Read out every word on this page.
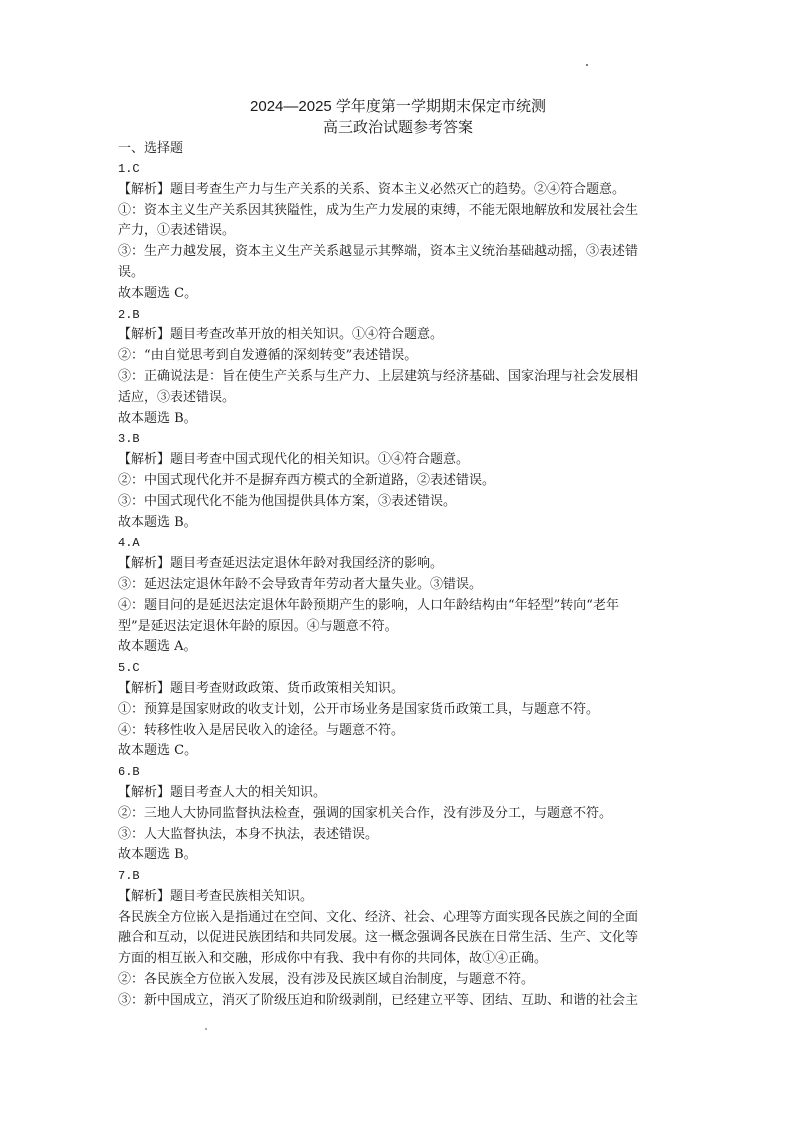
2024—2025 学年度第一学期期末保定市统测
高三政治试题参考答案

一、选择题

1.C

【解析】题目考查生产力与生产关系的关系、资本主义必然灭亡的趋势。②④符合题意。

①：资本主义生产关系因其狭隘性，成为生产力发展的束缚，不能无限地解放和发展社会生

产力，①表述错误。

③：生产力越发展，资本主义生产关系越显示其弊端，资本主义统治基础越动摇，③表述错

误。

故本题选 C。

2.B

【解析】题目考查改革开放的相关知识。①④符合题意。

②：“由自觉思考到自发遵循的深刻转变”表述错误。

③：正确说法是：旨在使生产关系与生产力、上层建筑与经济基础、国家治理与社会发展相

适应，③表述错误。

故本题选 B。

3.B

【解析】题目考查中国式现代化的相关知识。①④符合题意。

②：中国式现代化并不是摒弃西方模式的全新道路，②表述错误。

③：中国式现代化不能为他国提供具体方案，③表述错误。

故本题选 B。

4.A

【解析】题目考查延迟法定退休年龄对我国经济的影响。

③：延迟法定退休年龄不会导致青年劳动者大量失业。③错误。

④：题目问的是延迟法定退休年龄预期产生的影响，人口年龄结构由“年轻型”转向“老年

型”是延迟法定退休年龄的原因。④与题意不符。

故本题选 A。

5.C

【解析】题目考查财政政策、货币政策相关知识。

①：预算是国家财政的收支计划，公开市场业务是国家货币政策工具，与题意不符。

④：转移性收入是居民收入的途径。与题意不符。

故本题选 C。

6.B

【解析】题目考查人大的相关知识。

②：三地人大协同监督执法检查，强调的国家机关合作，没有涉及分工，与题意不符。

③：人大监督执法，本身不执法，表述错误。

故本题选 B。

7.B

【解析】题目考查民族相关知识。

各民族全方位嵌入是指通过在空间、文化、经济、社会、心理等方面实现各民族之间的全面

融合和互动，以促进民族团结和共同发展。这一概念强调各民族在日常生活、生产、文化等

方面的相互嵌入和交融，形成你中有我、我中有你的共同体，故①④正确。

②：各民族全方位嵌入发展，没有涉及民族区域自治制度，与题意不符。

③：新中国成立，消灭了阶级压迫和阶级剥削，已经建立平等、团结、互助、和谐的社会主
